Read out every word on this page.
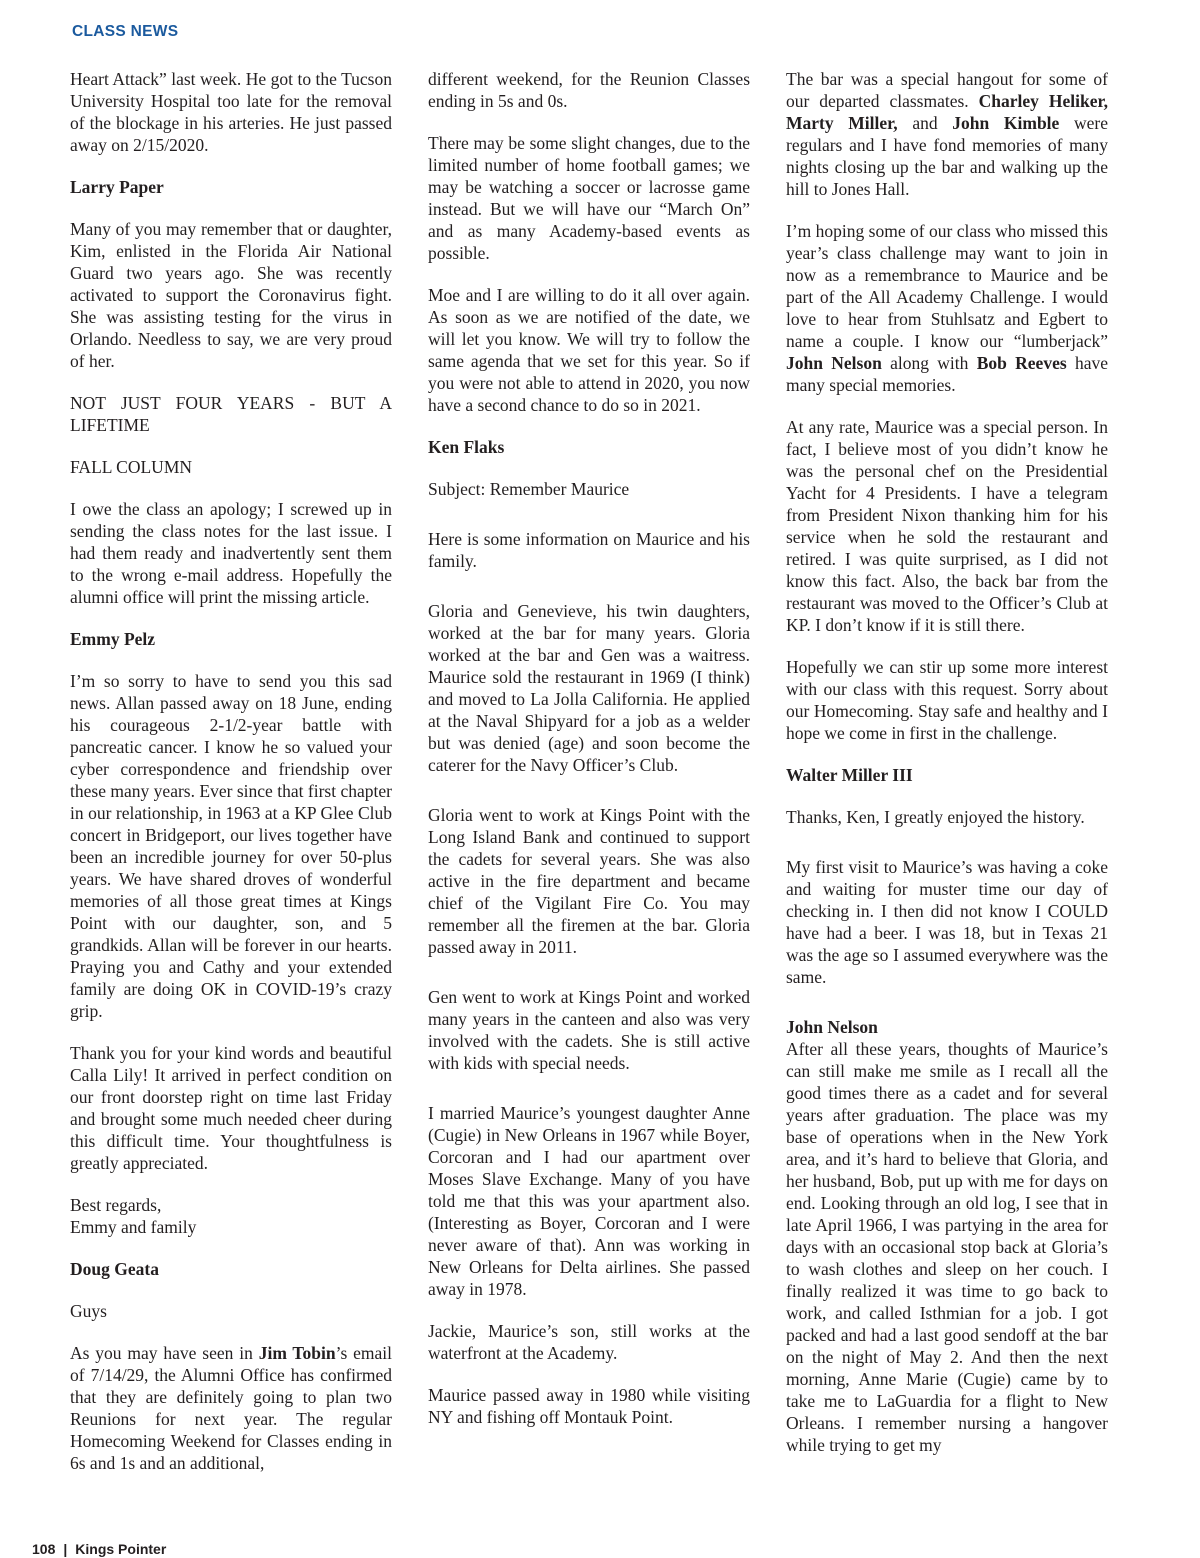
CLASS NEWS

Heart Attack” last week. He got to the Tucson University Hospital too late for the removal of the blockage in his arteries. He just passed away on 2/15/2020.

Larry Paper

Many of you may remember that or daughter, Kim, enlisted in the Florida Air National Guard two years ago. She was recently activated to support the Coronavirus fight. She was assisting testing for the virus in Orlando. Needless to say, we are very proud of her.

NOT JUST FOUR YEARS - BUT A LIFETIME

FALL COLUMN

I owe the class an apology; I screwed up in sending the class notes for the last issue. I had them ready and inadvertently sent them to the wrong e-mail address. Hopefully the alumni office will print the missing article.

Emmy Pelz

I’m so sorry to have to send you this sad news. Allan passed away on 18 June, ending his courageous 2-1/2-year battle with pancreatic cancer. I know he so valued your cyber correspondence and friendship over these many years. Ever since that first chapter in our relationship, in 1963 at a KP Glee Club concert in Bridgeport, our lives together have been an incredible journey for over 50-plus years. We have shared droves of wonderful memories of all those great times at Kings Point with our daughter, son, and 5 grandkids. Allan will be forever in our hearts. Praying you and Cathy and your extended family are doing OK in COVID-19’s crazy grip.

Thank you for your kind words and beautiful Calla Lily! It arrived in perfect condition on our front doorstep right on time last Friday and brought some much needed cheer during this difficult time. Your thoughtfulness is greatly appreciated.

Best regards,

Emmy and family

Doug Geata

Guys

As you may have seen in Jim Tobin’s email of 7/14/29, the Alumni Office has confirmed that they are definitely going to plan two Reunions for next year. The regular Homecoming Weekend for Classes ending in 6s and 1s and an additional,

different weekend, for the Reunion Classes ending in 5s and 0s.

There may be some slight changes, due to the limited number of home football games; we may be watching a soccer or lacrosse game instead. But we will have our “March On” and as many Academy-based events as possible.

Moe and I are willing to do it all over again. As soon as we are notified of the date, we will let you know. We will try to follow the same agenda that we set for this year. So if you were not able to attend in 2020, you now have a second chance to do so in 2021.

Ken Flaks

Subject: Remember Maurice

Here is some information on Maurice and his family.

Gloria and Genevieve, his twin daughters, worked at the bar for many years. Gloria worked at the bar and Gen was a waitress. Maurice sold the restaurant in 1969 (I think) and moved to La Jolla California. He applied at the Naval Shipyard for a job as a welder but was denied (age) and soon become the caterer for the Navy Officer’s Club.

Gloria went to work at Kings Point with the Long Island Bank and continued to support the cadets for several years. She was also active in the fire department and became chief of the Vigilant Fire Co. You may remember all the firemen at the bar. Gloria passed away in 2011.

Gen went to work at Kings Point and worked many years in the canteen and also was very involved with the cadets. She is still active with kids with special needs.

I married Maurice’s youngest daughter Anne (Cugie) in New Orleans in 1967 while Boyer, Corcoran and I had our apartment over Moses Slave Exchange. Many of you have told me that this was your apartment also. (Interesting as Boyer, Corcoran and I were never aware of that). Ann was working in New Orleans for Delta airlines. She passed away in 1978.

Jackie, Maurice’s son, still works at the waterfront at the Academy.

Maurice passed away in 1980 while visiting NY and fishing off Montauk Point.

The bar was a special hangout for some of our departed classmates. Charley Heliker, Marty Miller, and John Kimble were regulars and I have fond memories of many nights closing up the bar and walking up the hill to Jones Hall.

I’m hoping some of our class who missed this year’s class challenge may want to join in now as a remembrance to Maurice and be part of the All Academy Challenge. I would love to hear from Stuhlsatz and Egbert to name a couple. I know our “lumberjack” John Nelson along with Bob Reeves have many special memories.

At any rate, Maurice was a special person. In fact, I believe most of you didn’t know he was the personal chef on the Presidential Yacht for 4 Presidents. I have a telegram from President Nixon thanking him for his service when he sold the restaurant and retired. I was quite surprised, as I did not know this fact. Also, the back bar from the restaurant was moved to the Officer’s Club at KP. I don’t know if it is still there.

Hopefully we can stir up some more interest with our class with this request. Sorry about our Homecoming. Stay safe and healthy and I hope we come in first in the challenge.

Walter Miller III

Thanks, Ken, I greatly enjoyed the history.

My first visit to Maurice’s was having a coke and waiting for muster time our day of checking in. I then did not know I COULD have had a beer. I was 18, but in Texas 21 was the age so I assumed everywhere was the same.

John Nelson

After all these years, thoughts of Maurice’s can still make me smile as I recall all the good times there as a cadet and for several years after graduation. The place was my base of operations when in the New York area, and it’s hard to believe that Gloria, and her husband, Bob, put up with me for days on end. Looking through an old log, I see that in late April 1966, I was partying in the area for days with an occasional stop back at Gloria’s to wash clothes and sleep on her couch. I finally realized it was time to go back to work, and called Isthmian for a job. I got packed and had a last good sendoff at the bar on the night of May 2. And then the next morning, Anne Marie (Cugie) came by to take me to LaGuardia for a flight to New Orleans. I remember nursing a hangover while trying to get my

108 | Kings Pointer
